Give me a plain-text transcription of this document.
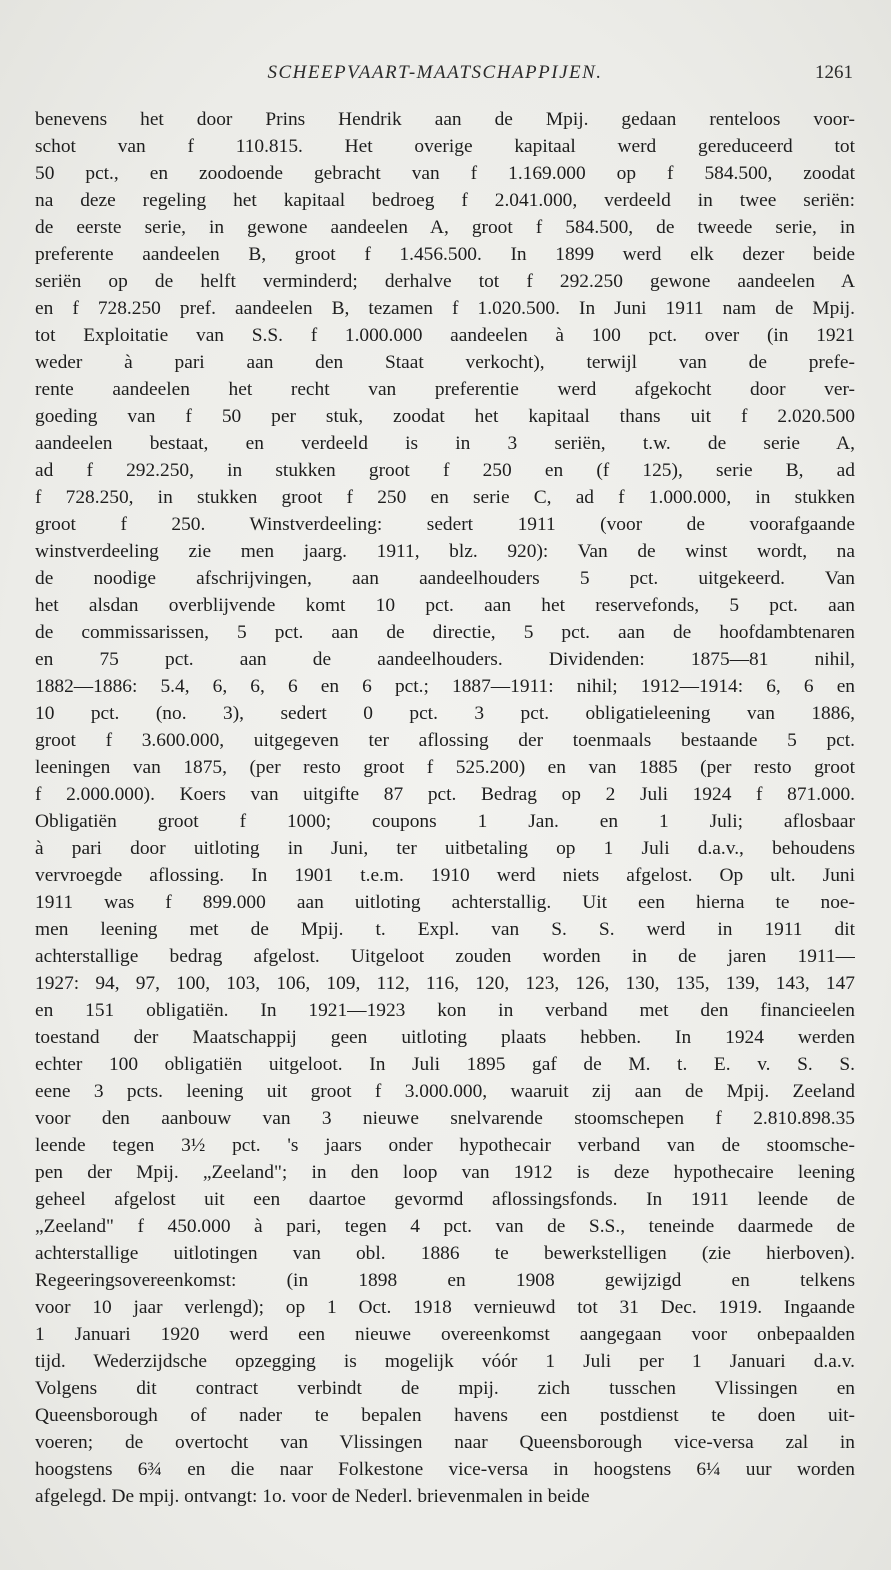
SCHEEPVAART-MAATSCHAPPIJEN.	1261
benevens het door Prins Hendrik aan de Mpij. gedaan renteloos voor-
schot van f 110.815. Het overige kapitaal werd gereduceerd tot
50 pct., en zoodoende gebracht van f 1.169.000 op f 584.500, zoodat
na deze regeling het kapitaal bedroeg f 2.041.000, verdeeld in twee seriën:
de eerste serie, in gewone aandeelen A, groot f 584.500, de tweede serie, in
preferente aandeelen B, groot f 1.456.500. In 1899 werd elk dezer beide
seriën op de helft verminderd; derhalve tot f 292.250 gewone aandeelen A
en f 728.250 pref. aandeelen B, tezamen f 1.020.500. In Juni 1911 nam de Mpij.
tot Exploitatie van S.S. f 1.000.000 aandeelen à 100 pct. over (in 1921
weder à pari aan den Staat verkocht), terwijl van de prefe-
rente aandeelen het recht van preferentie werd afgekocht door ver-
goeding van f 50 per stuk, zoodat het kapitaal thans uit f 2.020.500
aandeelen bestaat, en verdeeld is in 3 seriën, t.w. de serie A,
ad f 292.250, in stukken groot f 250 en (f 125), serie B, ad
f 728.250, in stukken groot f 250 en serie C, ad f 1.000.000, in stukken
groot f 250. Winstverdeeling: sedert 1911 (voor de voorafgaande
winstverdeeling zie men jaarg. 1911, blz. 920): Van de winst wordt, na
de noodige afschrijvingen, aan aandeelhouders 5 pct. uitgekeerd. Van
het alsdan overblijvende komt 10 pct. aan het reservefonds, 5 pct. aan
de commissarissen, 5 pct. aan de directie, 5 pct. aan de hoofdambtenaren
en 75 pct. aan de aandeelhouders. Dividenden: 1875—81 nihil,
1882—1886: 5.4, 6, 6, 6 en 6 pct.; 1887—1911: nihil; 1912—1914: 6, 6 en
10 pct. (no. 3), sedert 0 pct. 3 pct. obligatieleening van 1886,
groot f 3.600.000, uitgegeven ter aflossing der toenmaals bestaande 5 pct.
leeningen van 1875, (per resto groot f 525.200) en van 1885 (per resto groot
f 2.000.000). Koers van uitgifte 87 pct. Bedrag op 2 Juli 1924 f 871.000.
Obligatiën groot f 1000; coupons 1 Jan. en 1 Juli; aflosbaar
à pari door uitloting in Juni, ter uitbetaling op 1 Juli d.a.v., behoudens
vervroegde aflossing. In 1901 t.e.m. 1910 werd niets afgelost. Op ult. Juni
1911 was f 899.000 aan uitloting achterstallig. Uit een hierna te noe-
men leening met de Mpij. t. Expl. van S. S. werd in 1911 dit
achterstallige bedrag afgelost. Uitgeloot zouden worden in de jaren 1911—
1927: 94, 97, 100, 103, 106, 109, 112, 116, 120, 123, 126, 130, 135, 139, 143, 147
en 151 obligatiën. In 1921—1923 kon in verband met den financieelen
toestand der Maatschappij geen uitloting plaats hebben. In 1924 werden
echter 100 obligatiën uitgeloot. In Juli 1895 gaf de M. t. E. v. S. S.
eene 3 pcts. leening uit groot f 3.000.000, waaruit zij aan de Mpij. Zeeland
voor den aanbouw van 3 nieuwe snelvarende stoomschepen f 2.810.898.35
leende tegen 3½ pct. 's jaars onder hypothecair verband van de stoomsche-
pen der Mpij. „Zeeland"; in den loop van 1912 is deze hypothecaire leening
geheel afgelost uit een daartoe gevormd aflossingsfonds. In 1911 leende de
„Zeeland" f 450.000 à pari, tegen 4 pct. van de S.S., teneinde daarmede de
achterstallige uitlotingen van obl. 1886 te bewerkstelligen (zie hierboven).
Regeeringsovereenkomst: (in 1898 en 1908 gewijzigd en telkens
voor 10 jaar verlengd); op 1 Oct. 1918 vernieuwd tot 31 Dec. 1919. Ingaande
1 Januari 1920 werd een nieuwe overeenkomst aangegaan voor onbepaalden
tijd. Wederzijdsche opzegging is mogelijk vóór 1 Juli per 1 Januari d.a.v.
Volgens dit contract verbindt de mpij. zich tusschen Vlissingen en
Queensborough of nader te bepalen havens een postdienst te doen uit-
voeren; de overtocht van Vlissingen naar Queensborough vice-versa zal in
hoogstens 6¾ en die naar Folkestone vice-versa in hoogstens 6¼ uur worden
afgelegd. De mpij. ontvangt: 1o. voor de Nederl. brievenmalen in beide
